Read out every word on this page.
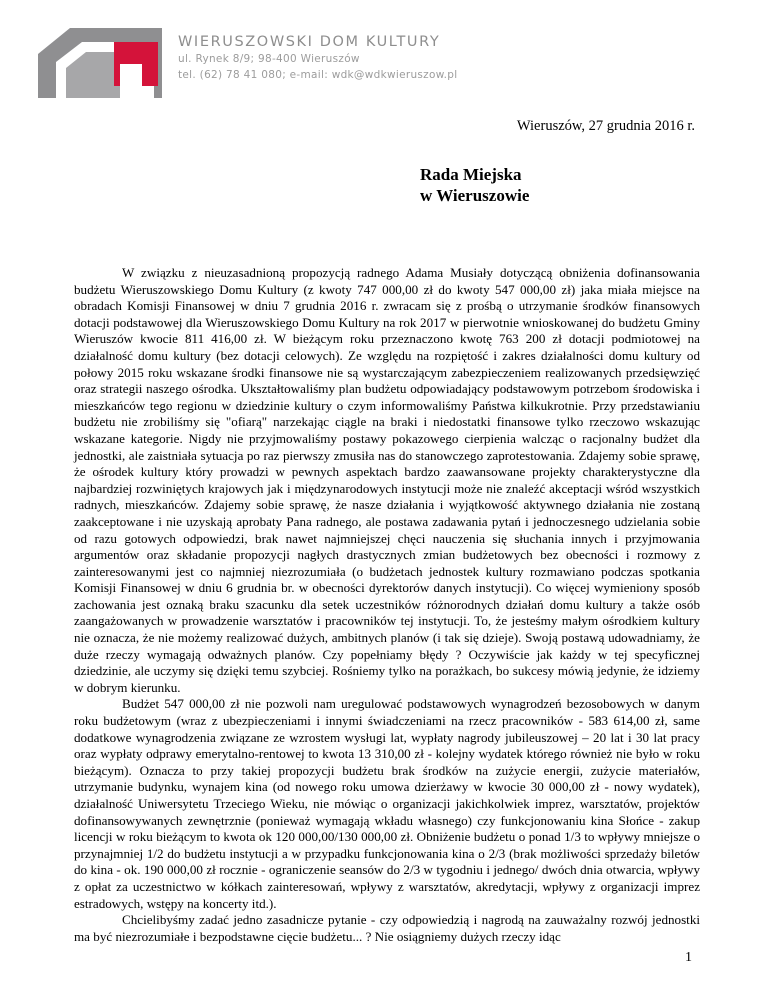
WIERUSZOWSKI DOM KULTURY
ul. Rynek 8/9; 98-400 Wieruszów
tel. (62) 78 41 080; e-mail: wdk@wdkwieruszow.pl
Wieruszów, 27 grudnia 2016 r.
Rada Miejska
w Wieruszowie

W związku z nieuzasadnioną propozycją radnego Adama Musiały dotyczącą obniżenia dofinansowania budżetu Wieruszowskiego Domu Kultury (z kwoty 747 000,00 zł do kwoty 547 000,00 zł) jaka miała miejsce na obradach Komisji Finansowej w dniu 7 grudnia 2016 r. zwracam się z prośbą o utrzymanie środków finansowych dotacji podstawowej dla Wieruszowskiego Domu Kultury na rok 2017 w pierwotnie wnioskowanej do budżetu Gminy Wieruszów kwocie 811 416,00 zł. W bieżącym roku przeznaczono kwotę 763 200 zł dotacji podmiotowej na działalność domu kultury (bez dotacji celowych). Ze względu na rozpiętość i zakres działalności domu kultury od połowy 2015 roku wskazane środki finansowe nie są wystarczającym zabezpieczeniem realizowanych przedsięwzięć oraz strategii naszego ośrodka. Ukształtowaliśmy plan budżetu odpowiadający podstawowym potrzebom środowiska i mieszkańców tego regionu w dziedzinie kultury o czym informowaliśmy Państwa kilkukrotnie. Przy przedstawianiu budżetu nie zrobiliśmy się "ofiarą" narzekając ciągle na braki i niedostatki finansowe tylko rzeczowo wskazując wskazane kategorie. Nigdy nie przyjmowaliśmy postawy pokazowego cierpienia walcząc o racjonalny budżet dla jednostki, ale zaistniała sytuacja po raz pierwszy zmusiła nas do stanowczego zaprotestowania. Zdajemy sobie sprawę, że ośrodek kultury który prowadzi w pewnych aspektach bardzo zaawansowane projekty charakterystyczne dla najbardziej rozwiniętych krajowych jak i międzynarodowych instytucji może nie znaleźć akceptacji wśród wszystkich radnych, mieszkańców. Zdajemy sobie sprawę, że nasze działania i wyjątkowość aktywnego działania nie zostaną zaakceptowane i nie uzyskają aprobaty Pana radnego, ale postawa zadawania pytań i jednoczesnego udzielania sobie od razu gotowych odpowiedzi, brak nawet najmniejszej chęci nauczenia się słuchania innych i przyjmowania argumentów oraz składanie propozycji nagłych drastycznych zmian budżetowych bez obecności i rozmowy z zainteresowanymi jest co najmniej niezrozumiała (o budżetach jednostek kultury rozmawiano podczas spotkania Komisji Finansowej w dniu 6 grudnia br. w obecności dyrektorów danych instytucji). Co więcej wymieniony sposób zachowania jest oznaką braku szacunku dla setek uczestników różnorodnych działań domu kultury a także osób zaangażowanych w prowadzenie warsztatów i pracowników tej instytucji. To, że jesteśmy małym ośrodkiem kultury nie oznacza, że nie możemy realizować dużych, ambitnych planów (i tak się dzieje). Swoją postawą udowadniamy, że duże rzeczy wymagają odważnych planów. Czy popełniamy błędy ? Oczywiście jak każdy w tej specyficznej dziedzinie, ale uczymy się dzięki temu szybciej. Rośniemy tylko na porażkach, bo sukcesy mówią jedynie, że idziemy w dobrym kierunku.

Budżet 547 000,00 zł nie pozwoli nam uregulować podstawowych wynagrodzeń bezosobowych w danym roku budżetowym (wraz z ubezpieczeniami i innymi świadczeniami na rzecz pracowników - 583 614,00 zł, same dodatkowe wynagrodzenia związane ze wzrostem wysługi lat, wypłaty nagrody jubileuszowej – 20 lat i 30 lat pracy oraz wypłaty odprawy emerytalno-rentowej to kwota 13 310,00 zł - kolejny wydatek którego również nie było w roku bieżącym). Oznacza to przy takiej propozycji budżetu brak środków na zużycie energii, zużycie materiałów, utrzymanie budynku, wynajem kina (od nowego roku umowa dzierżawy w kwocie 30 000,00 zł - nowy wydatek), działalność Uniwersytetu Trzeciego Wieku, nie mówiąc o organizacji jakichkolwiek imprez, warsztatów, projektów dofinansowywanych zewnętrznie (ponieważ wymagają wkładu własnego) czy funkcjonowaniu kina Słońce - zakup licencji w roku bieżącym to kwota ok 120 000,00/130 000,00 zł. Obniżenie budżetu o ponad 1/3 to wpływy mniejsze o przynajmniej 1/2 do budżetu instytucji a w przypadku funkcjonowania kina o 2/3 (brak możliwości sprzedaży biletów do kina - ok. 190 000,00 zł rocznie - ograniczenie seansów do 2/3 w tygodniu i jednego/ dwóch dnia otwarcia, wpływy z opłat za uczestnictwo w kółkach zainteresowań, wpływy z warsztatów, akredytacji, wpływy z organizacji imprez estradowych, wstępy na koncerty itd.).

Chcielibyśmy zadać jedno zasadnicze pytanie - czy odpowiedzią i nagrodą na zauważalny rozwój jednostki ma być niezrozumiałe i bezpodstawne cięcie budżetu... ? Nie osiągniemy dużych rzeczy idąc

1
